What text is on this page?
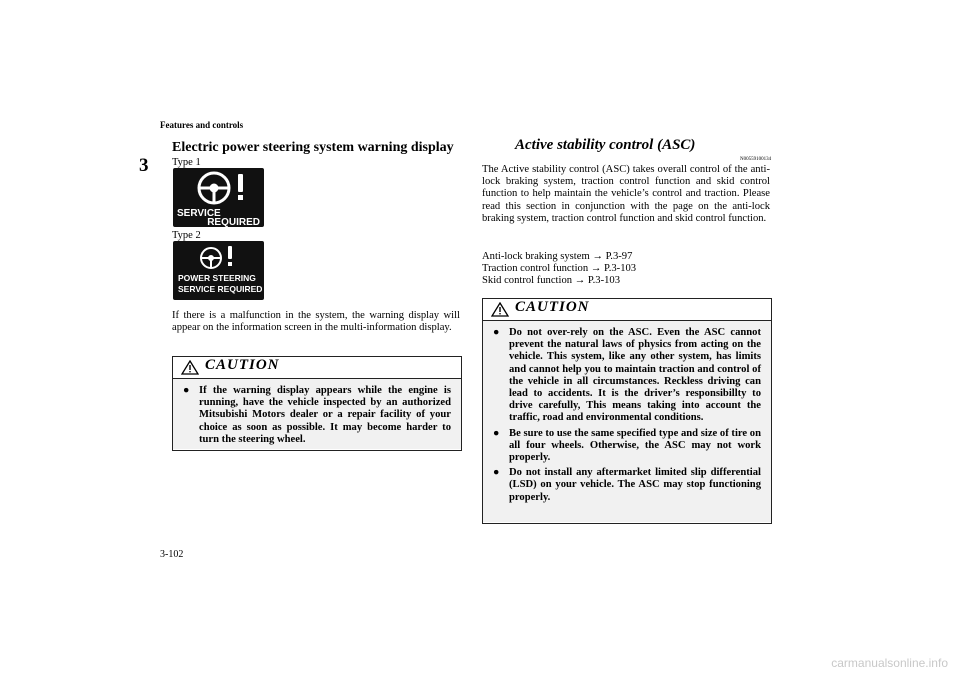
Features and controls
3
3-102
Electric power steering system warning display
Type 1
SERVICE
REQUIRED
Type 2
POWER STEERING
SERVICE REQUIRED
If there is a malfunction in the system, the warning display will appear on the information screen in the multi-information display.
CAUTION
● If the warning display appears while the engine is running, have the vehicle inspected by an authorized Mitsubishi Motors dealer or a repair facility of your choice as soon as possible. It may become harder to turn the steering wheel.
Active stability control (ASC)
N00559100134
The Active stability control (ASC) takes overall control of the anti-lock braking system, traction control function and skid control function to help maintain the vehicle’s control and traction. Please read this section in conjunction with the page on the anti-lock braking system, traction control function and skid control function.
Anti-lock braking system → P.3-97
Traction control function → P.3-103
Skid control function → P.3-103
CAUTION
● Do not over-rely on the ASC. Even the ASC cannot prevent the natural laws of physics from acting on the vehicle. This system, like any other system, has limits and cannot help you to maintain traction and control of the vehicle in all circumstances. Reckless driving can lead to accidents. It is the driver’s responsibillty to drive carefully, This means taking into account the traffic, road and environmental conditions.
● Be sure to use the same specified type and size of tire on all four wheels. Otherwise, the ASC may not work properly.
● Do not install any aftermarket limited slip differential (LSD) on your vehicle. The ASC may stop functioning properly.
carmanualsonline.info
